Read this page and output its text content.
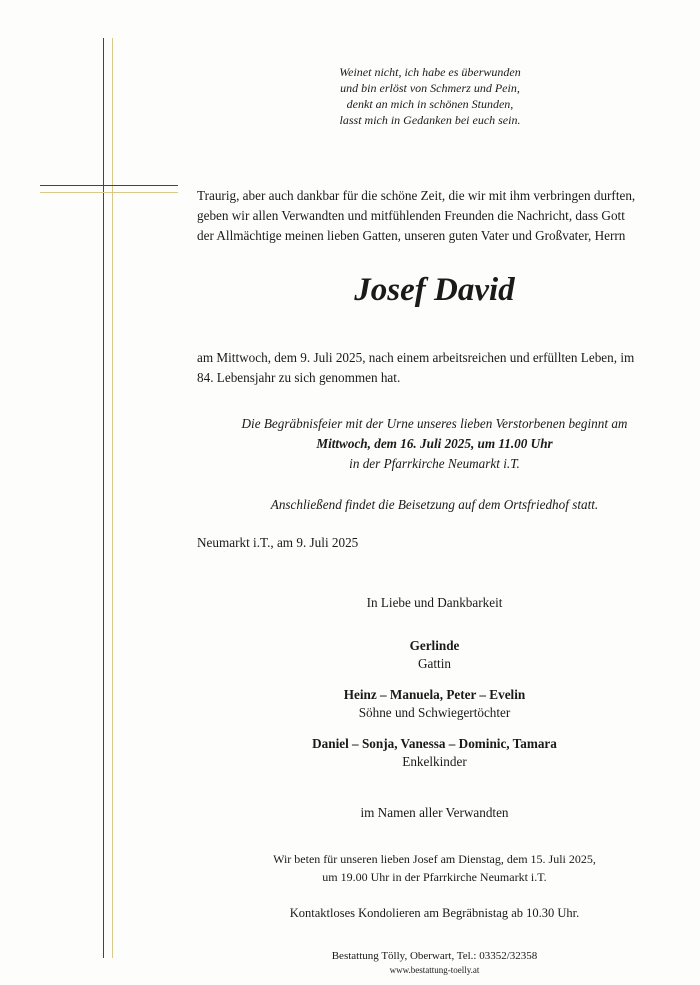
Weinet nicht, ich habe es überwunden
und bin erlöst von Schmerz und Pein,
denkt an mich in schönen Stunden,
lasst mich in Gedanken bei euch sein.
Traurig, aber auch dankbar für die schöne Zeit, die wir mit ihm verbringen durften,
geben wir allen Verwandten und mitfühlenden Freunden die Nachricht, dass Gott
der Allmächtige meinen lieben Gatten, unseren guten Vater und Großvater, Herrn
Josef David
am Mittwoch, dem 9. Juli 2025, nach einem arbeitsreichen und erfüllten Leben, im
84. Lebensjahr zu sich genommen hat.
Die Begräbnisfeier mit der Urne unseres lieben Verstorbenen beginnt am
Mittwoch, dem 16. Juli 2025, um 11.00 Uhr
in der Pfarrkirche Neumarkt i.T.
Anschließend findet die Beisetzung auf dem Ortsfriedhof statt.
Neumarkt i.T., am 9. Juli 2025
In Liebe und Dankbarkeit
Gerlinde
Gattin
Heinz – Manuela, Peter – Evelin
Söhne und Schwiegertöchter
Daniel – Sonja, Vanessa – Dominic, Tamara
Enkelkinder
im Namen aller Verwandten
Wir beten für unseren lieben Josef am Dienstag, dem 15. Juli 2025,
um 19.00 Uhr in der Pfarrkirche Neumarkt i.T.
Kontaktloses Kondolieren am Begräbnistag ab 10.30 Uhr.
Bestattung Tölly, Oberwart, Tel.: 03352/32358
www.bestattung-toelly.at
